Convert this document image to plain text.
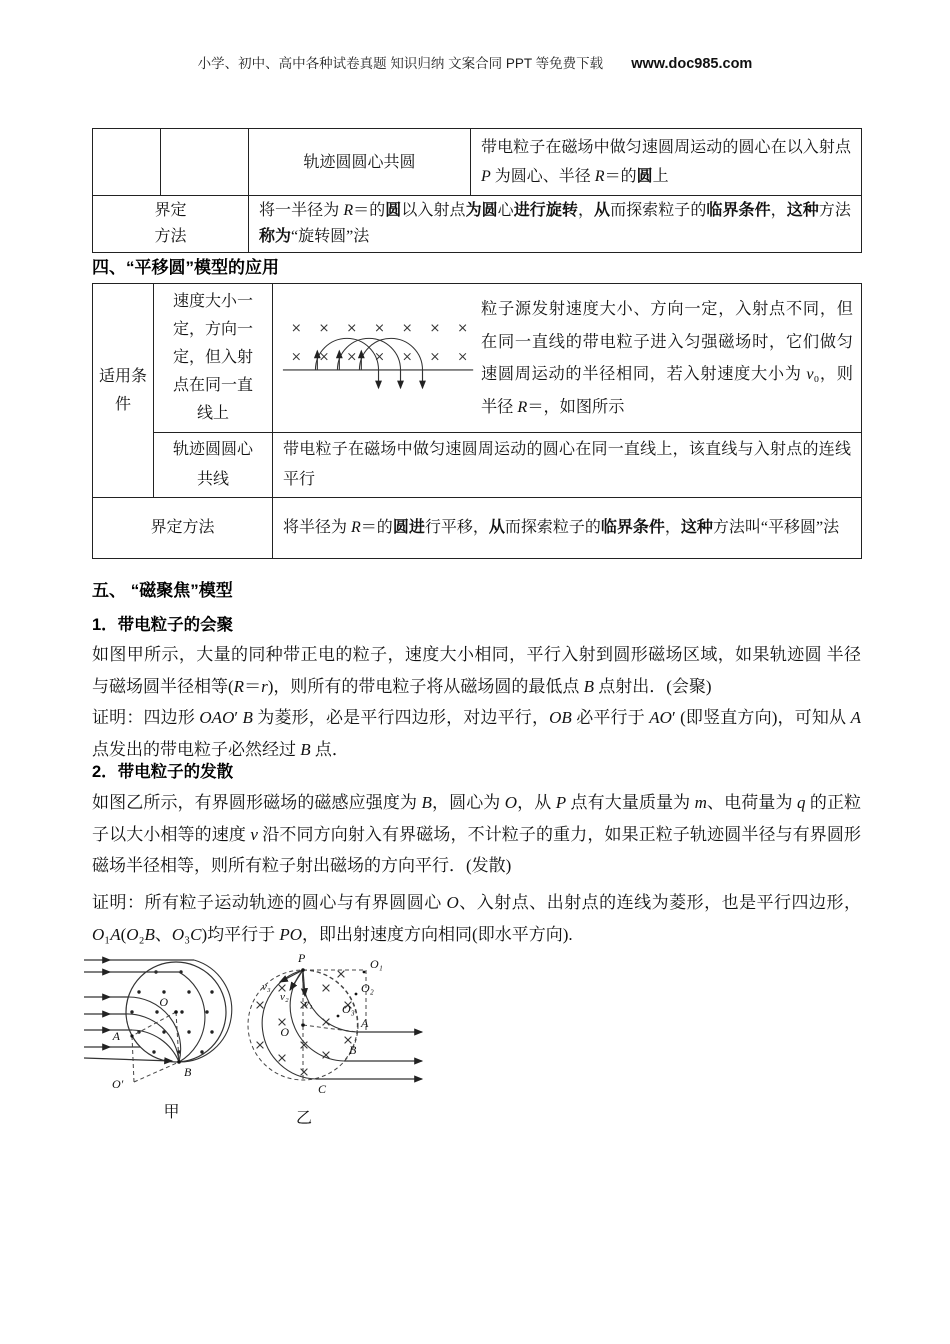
小学、初中、高中各种试卷真题 知识归纳 文案合同 PPT 等免费下载 www.doc985.com
		轨迹圆圆心共圆	带电粒子在磁场中做匀速圆周运动的圆心在以入射点 P 为圆心、半径 R＝的圆上
界定
方法		将一半径为 R＝的圆以入射点为圆心进行旋转，从而探索粒子的临界条件，这种方法称为“旋转圆”法	
四、“平移圆”模型的应用
适用条
件	速度大小一
定，方向一
定，但入射
点在同一直
线上	粒子源发射速度大小、方向一定，入射点不同，但在同一直线的带电粒子进入匀强磁场时，它们做匀速圆周运动的半径相同，若入射速度大小为 v₀，则半径 R＝，如图所示

	轨迹圆圆心
共线	带电粒子在磁场中做匀速圆周运动的圆心在同一直线上，该直线与入射点的连线平行
界定方法		将半径为 R＝的圆进行平移，从而探索粒子的临界条件，这种方法叫“平移圆”法
五、 “磁聚焦”模型
1．带电粒子的会聚
如图甲所示，大量的同种带正电的粒子，速度大小相同，平行入射到圆形磁场区域，如果轨迹圆 半径与磁场圆半径相等(R＝r)，则所有的带电粒子将从磁场圆的最低点 B 点射出．(会聚)
证明：四边形 OAO′ B 为菱形，必是平行四边形，对边平行，OB 必平行于 AO′ (即竖直方向)，可知从 A 点发出的带电粒子必然经过 B 点．
2．带电粒子的发散
如图乙所示，有界圆形磁场的磁感应强度为 B，圆心为 O，从 P 点有大量质量为 m、电荷量为 q 的正粒子以大小相等的速度 v 沿不同方向射入有界磁场，不计粒子的重力，如果正粒子轨迹圆半径与有界圆形磁场半径相等，则所有粒子射出磁场的方向平行．(发散)
证明：所有粒子运动轨迹的圆心与有界圆圆心 O、入射点、出射点的连线为菱形，也是平行四边形，O₁A(O₂B、O₃C)均平行于 PO，即出射速度方向相同(即水平方向).
O
A
B
O′
甲
P
O
O₁
O₂
O₃
A
B
C
v₁
v₂
v₃
乙
